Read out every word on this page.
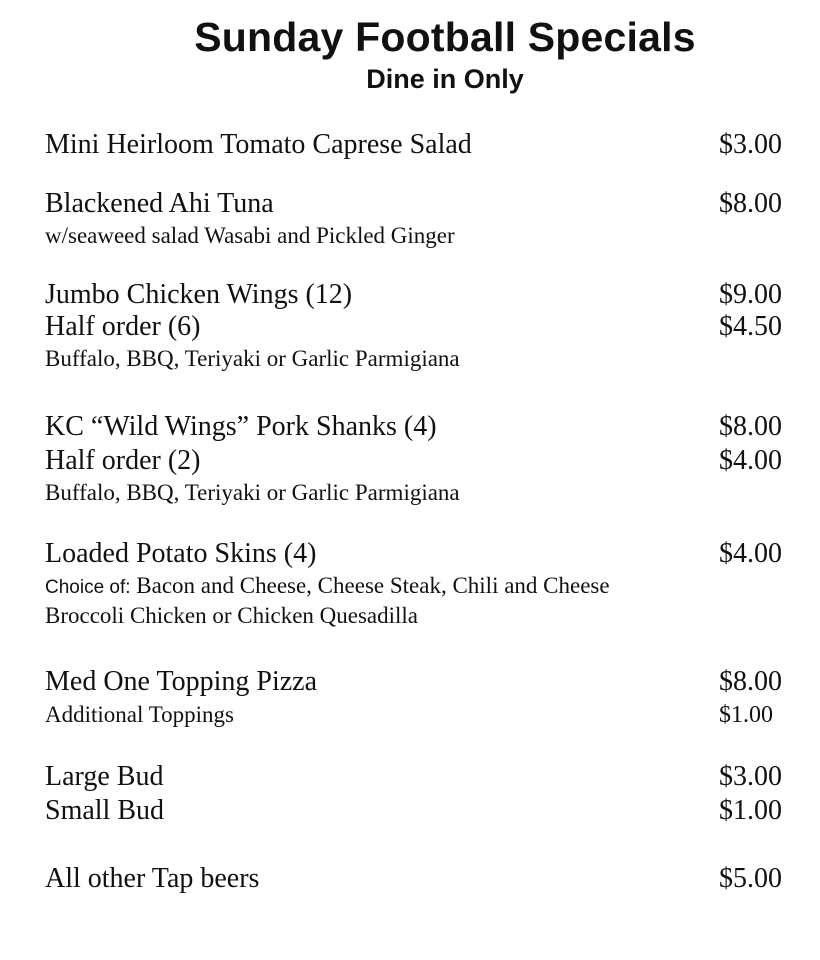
Sunday Football Specials
Dine in Only
Mini Heirloom Tomato Caprese Salad	$3.00
Blackened Ahi Tuna	$8.00
w/seaweed salad Wasabi and Pickled Ginger
Jumbo Chicken Wings (12)	$9.00
Half order (6)	$4.50
Buffalo, BBQ, Teriyaki or Garlic Parmigiana
KC “Wild Wings” Pork Shanks (4)	$8.00
Half order (2)	$4.00
Buffalo, BBQ, Teriyaki or Garlic Parmigiana
Loaded Potato Skins (4)	$4.00
Choice of: Bacon and Cheese, Cheese Steak, Chili and Cheese
Broccoli Chicken or Chicken Quesadilla
Med One Topping Pizza	$8.00
Additional Toppings	$1.00
Large Bud	$3.00
Small Bud	$1.00
All other Tap beers	$5.00
